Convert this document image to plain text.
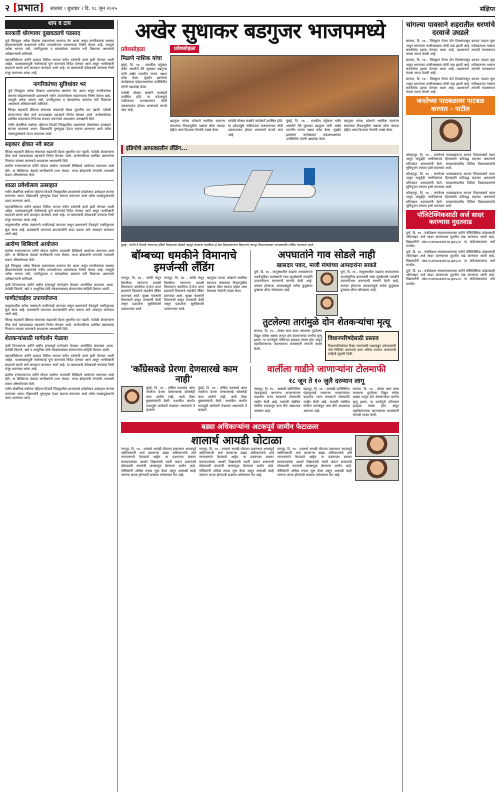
२ [प्रभात] सातारा । बुधवार । दि. १८ जून २०२५	संक्षिप्त
थाप व टाप
सरकारी धोरणावर दुखवट्याचे पडसाद

पुणे जिल्ह्यात अनेक विकास प्रकल्पांच्या कामांना वेग आला असून नागरिकांच्या समस्या सोडवण्यासाठी प्रशासनाने नवीन उपाययोजना राबवण्याचा निर्णय घेतला आहे. त्यामुळे अनेक भागात रस्ते, पाणीपुरवठा व स्वच्छतेच्या कामांना गती मिळणार असल्याचे अधिकाऱ्यांनी सांगितले.

महापालिकेच्या वतीने शहरात विविध भागात नवीन रस्त्यांची कामे हाती घेण्यात आली आहेत. पावसाळ्यापूर्वी नालेसफाई पूर्ण करण्याचे निर्देश देण्यात आले असून नागरिकांनी सहकार्य करावे असे आवाहन करण्यात आले आहे. या कामासाठी कोट्यवधी रुपयांचा निधी मंजूर करण्यात आला आहे.

नागरिकांच्या सुविधांवर भर

पुणे जिल्ह्यात अनेक विकास प्रकल्पांच्या कामांना वेग आला असून नागरिकांच्या समस्या सोडवण्यासाठी प्रशासनाने नवीन उपाययोजना राबवण्याचा निर्णय घेतला आहे. त्यामुळे अनेक भागात रस्ते, पाणीपुरवठा व स्वच्छतेच्या कामांना गती मिळणार असल्याचे अधिकाऱ्यांनी सांगितले.

जिल्हा सहकारी बँकेच्या संचालक मंडळाची बैठक नुकतीच पार पडली. यावेळी शेतकऱ्यांना पीक कर्ज वाटपाबाबत महत्त्वाचे निर्णय घेण्यात आले. कर्जमाफीच्या प्रलंबित प्रकरणांचा निपटारा लवकर करण्याचे आश्वासन अध्यक्षांनी दिले.

नवीन शैक्षणिक वर्षाच्या पहिल्या दिवशी जिल्ह्यातील शाळांमध्ये प्रवेशोत्सव उत्साहात साजरा करण्यात आला. विद्यार्थ्यांचे पुष्पगुच्छ देऊन स्वागत करण्यात आले तसेच पाठ्यपुस्तकांचे वाटप करण्यात आले.

सहकार क्षेत्रात नवे बदल

जिल्हा सहकारी बँकेच्या संचालक मंडळाची बैठक नुकतीच पार पडली. यावेळी शेतकऱ्यांना पीक कर्ज वाटपाबाबत महत्त्वाचे निर्णय घेण्यात आले. कर्जमाफीच्या प्रलंबित प्रकरणांचा निपटारा लवकर करण्याचे आश्वासन अध्यक्षांनी दिले.

ग्रामीण रुग्णालयाच्या वतीने मोफत आरोग्य तपासणी शिबिराचे आयोजन करण्यात आले होते. या शिबिराचा शेकडो नागरिकांनी लाभ घेतला. तज्ज्ञ डॉक्टरांनी रुग्णांची तपासणी करून औषधोपचार केले.

शाळा प्रवेशोत्सव उत्साहात

नवीन शैक्षणिक वर्षाच्या पहिल्या दिवशी जिल्ह्यातील शाळांमध्ये प्रवेशोत्सव उत्साहात साजरा करण्यात आला. विद्यार्थ्यांचे पुष्पगुच्छ देऊन स्वागत करण्यात आले तसेच पाठ्यपुस्तकांचे वाटप करण्यात आले.

महापालिकेच्या वतीने शहरात विविध भागात नवीन रस्त्यांची कामे हाती घेण्यात आली आहेत. पावसाळ्यापूर्वी नालेसफाई पूर्ण करण्याचे निर्देश देण्यात आले असून नागरिकांनी सहकार्य करावे असे आवाहन करण्यात आले आहे. या कामासाठी कोट्यवधी रुपयांचा निधी मंजूर करण्यात आला आहे.

तालुक्यातील अनेक गावांमध्ये पाणीटंचाई जाणवत असून प्रशासनाने टँकरद्वारे पाणीपुरवठा सुरू केला आहे. ग्रामस्थांनी पाण्याचा काटकसरीने वापर करावा असे आवाहन करण्यात आले आहे.

आरोग्य शिबिराचे आयोजन

ग्रामीण रुग्णालयाच्या वतीने मोफत आरोग्य तपासणी शिबिराचे आयोजन करण्यात आले होते. या शिबिराचा शेकडो नागरिकांनी लाभ घेतला. तज्ज्ञ डॉक्टरांनी रुग्णांची तपासणी करून औषधोपचार केले.

पुणे जिल्ह्यात अनेक विकास प्रकल्पांच्या कामांना वेग आला असून नागरिकांच्या समस्या सोडवण्यासाठी प्रशासनाने नवीन उपाययोजना राबवण्याचा निर्णय घेतला आहे. त्यामुळे अनेक भागात रस्ते, पाणीपुरवठा व स्वच्छतेच्या कामांना गती मिळणार असल्याचे अधिकाऱ्यांनी सांगितले.

कृषी विभागाच्या वतीने खरीप हंगामपूर्व मार्गदर्शन मेळावा आयोजित करण्यात आला. यावेळी बियाणे, खते व आधुनिक शेती तंत्रज्ञानाबाबत शेतकऱ्यांना माहिती देण्यात आली.

पाणीटंचाईवर उपाययोजना

तालुक्यातील अनेक गावांमध्ये पाणीटंचाई जाणवत असून प्रशासनाने टँकरद्वारे पाणीपुरवठा सुरू केला आहे. ग्रामस्थांनी पाण्याचा काटकसरीने वापर करावा असे आवाहन करण्यात आले आहे.

जिल्हा सहकारी बँकेच्या संचालक मंडळाची बैठक नुकतीच पार पडली. यावेळी शेतकऱ्यांना पीक कर्ज वाटपाबाबत महत्त्वाचे निर्णय घेण्यात आले. कर्जमाफीच्या प्रलंबित प्रकरणांचा निपटारा लवकर करण्याचे आश्वासन अध्यक्षांनी दिले.

शेतकऱ्यांसाठी मार्गदर्शन मेळावा

कृषी विभागाच्या वतीने खरीप हंगामपूर्व मार्गदर्शन मेळावा आयोजित करण्यात आला. यावेळी बियाणे, खते व आधुनिक शेती तंत्रज्ञानाबाबत शेतकऱ्यांना माहिती देण्यात आली.

महापालिकेच्या वतीने शहरात विविध भागात नवीन रस्त्यांची कामे हाती घेण्यात आली आहेत. पावसाळ्यापूर्वी नालेसफाई पूर्ण करण्याचे निर्देश देण्यात आले असून नागरिकांनी सहकार्य करावे असे आवाहन करण्यात आले आहे. या कामासाठी कोट्यवधी रुपयांचा निधी मंजूर करण्यात आला आहे.

ग्रामीण रुग्णालयाच्या वतीने मोफत आरोग्य तपासणी शिबिराचे आयोजन करण्यात आले होते. या शिबिराचा शेकडो नागरिकांनी लाभ घेतला. तज्ज्ञ डॉक्टरांनी रुग्णांची तपासणी करून औषधोपचार केले.

नवीन शैक्षणिक वर्षाच्या पहिल्या दिवशी जिल्ह्यातील शाळांमध्ये प्रवेशोत्सव उत्साहात साजरा करण्यात आला. विद्यार्थ्यांचे पुष्पगुच्छ देऊन स्वागत करण्यात आले तसेच पाठ्यपुस्तकांचे वाटप करण्यात आले.

अखेर सुधाकर बडगुजर भाजपमध्ये
प्रवेशसोहळा
मिळणे नाशिक यांचा

मुंबई, दि. १७ - राजकीय वर्तुळात चर्चेत असलेले नेते सुधाकर बडगुजर यांनी अखेर भारतीय जनता पक्षात प्रवेश केला. मुंबईत झालेल्या कार्यक्रमात प्रदेशाध्यक्षांच्या उपस्थितीत त्यांनी पक्षप्रवेश केला.

यावेळी मोठ्या संख्येने कार्यकर्ते उपस्थित होते. या प्रवेशामुळे नाशिकच्या राजकारणात मोठी उलथापालथ होणार असल्याचे मानले जात आहे.

प्रवेशसोहळा

बडगुजर यांच्या प्रवेशाने स्थानिक स्वराज्य संस्थांच्या निवडणुकीत पक्षाला मोठा फायदा होईल असा विश्वास नेत्यांनी व्यक्त केला.

यावेळी मोठ्या संख्येने कार्यकर्ते उपस्थित होते. या प्रवेशामुळे नाशिकच्या राजकारणात मोठी उलथापालथ होणार असल्याचे मानले जात आहे.

मुंबई, दि. १७ - राजकीय वर्तुळात चर्चेत असलेले नेते सुधाकर बडगुजर यांनी अखेर भारतीय जनता पक्षात प्रवेश केला. मुंबईत झालेल्या कार्यक्रमात प्रदेशाध्यक्षांच्या उपस्थितीत त्यांनी पक्षप्रवेश केला.

बडगुजर यांच्या प्रवेशाने स्थानिक स्वराज्य संस्थांच्या निवडणुकीत पक्षाला मोठा फायदा होईल असा विश्वास नेत्यांनी व्यक्त केला.

इंडिगोचे आपत्कालीन लँडिंग...

मुंबई : कोची ते दिल्ली जाणाऱ्या इंडिगो विमानाला बॉम्बने उडवून देण्याचा धमकीचा ई-मेल मिळाल्यानंतर विमानाचे नागपूर विमानतळावर आपत्कालीन लँडिंग करण्यात आले.

बॉम्बच्या धमकीने विमानाचे इमर्जन्सी लँडिंग

नागपूर, दि. १७ - कोची येथून दिल्लीला जाणाऱ्या प्रवासी विमानाला धमकीचा ई-मेल प्राप्त झाल्याने विमानाचे तातडीने लँडिंग करण्यात आले. सुरक्षा यंत्रणांनी विमानाची कसून तपासणी केली असून प्रवाशांना सुरक्षितपणे उतरवण्यात आले.

नागपूर, दि. १७ - कोची येथून दिल्लीला जाणाऱ्या प्रवासी विमानाला धमकीचा ई-मेल प्राप्त झाल्याने विमानाचे तातडीने लँडिंग करण्यात आले. सुरक्षा यंत्रणांनी विमानाची कसून तपासणी केली असून प्रवाशांना सुरक्षितपणे उतरवण्यात आले.

बडगुजर यांच्या प्रवेशाने स्थानिक स्वराज्य संस्थांच्या निवडणुकीत पक्षाला मोठा फायदा होईल असा विश्वास नेत्यांनी व्यक्त केला.

अपघातांने गाव सोडले नाही
खासदार पवार, माजी मंत्र्यांच्या आमदारांना साकडे

पुणे, दि. १७ - तालुक्यातील वाढत्या अपघातांच्या पार्श्वभूमीवर ग्रामस्थांनी रस्ता सुरक्षेसाठी तातडीने उपाययोजना करण्याची मागणी केली आहे. वारंवार होणाऱ्या अपघातांमुळे अनेक कुटुंबांवर दुःखाचा डोंगर कोसळला आहे.

पुणे, दि. १७ - तालुक्यातील वाढत्या अपघातांच्या पार्श्वभूमीवर ग्रामस्थांनी रस्ता सुरक्षेसाठी तातडीने उपाययोजना करण्याची मागणी केली आहे. वारंवार होणाऱ्या अपघातांमुळे अनेक कुटुंबांवर दुःखाचा डोंगर कोसळला आहे.

तुटलेल्या तारांमुळे दोन शेतकऱ्यांचा मृत्यू

सातारा, दि. १७ - शेतात काम करत असताना तुटलेल्या विद्युत तारेचा धक्का लागून दोन शेतकऱ्यांचा जागीच मृत्यू झाला. या घटनेमुळे परिसरात हळहळ व्यक्त होत असून महावितरणच्या कारभारावर ग्रामस्थांनी नाराजी व्यक्त केली.

विधानपरिषदेसाठी प्रस्ताव

विधानपरिषदेच्या रिक्त जागांसाठी पक्षाकडून उमेदवारांची नावे निश्चित करण्याचे काम अंतिम टप्प्यात असल्याची माहिती सूत्रांनी दिली.

'काँग्रेसकडे प्रेरणा देणसारखे काम नाही'

मुंबई, दि. १७ - काँग्रेस पक्षाकडे आता जनतेला प्रेरणा देण्यासारखे कोणतेही काम उरलेले नाही, अशी टीका मुख्यमंत्र्यांनी केली. पक्षातील अंतर्गत वादामुळे कार्यकर्ते संभ्रमात असल्याचे ते म्हणाले.

मुंबई, दि. १७ - काँग्रेस पक्षाकडे आता जनतेला प्रेरणा देण्यासारखे कोणतेही काम उरलेले नाही, अशी टीका मुख्यमंत्र्यांनी केली. पक्षातील अंतर्गत वादामुळे कार्यकर्ते संभ्रमात असल्याचे ते म्हणाले.

वार्लीला गाडीने जाणाऱ्यांना टोलमाफी
१८ जून ते १० जुलै दरम्यान लागू

पंढरपूर, दि. १७ - आषाढी वारीनिमित्त पंढरपूरकडे जाणाऱ्या वारकऱ्यांच्या वाहनांना राज्य सरकारने टोलमाफी जाहीर केली आहे. यासाठी संबंधित पोलीस ठाण्यातून पास घेणे आवश्यक असणार आहे.

पंढरपूर, दि. १७ - आषाढी वारीनिमित्त पंढरपूरकडे जाणाऱ्या वारकऱ्यांच्या वाहनांना राज्य सरकारने टोलमाफी जाहीर केली आहे. यासाठी संबंधित पोलीस ठाण्यातून पास घेणे आवश्यक असणार आहे.

सातारा, दि. १७ - शेतात काम करत असताना तुटलेल्या विद्युत तारेचा धक्का लागून दोन शेतकऱ्यांचा जागीच मृत्यू झाला. या घटनेमुळे परिसरात हळहळ व्यक्त होत असून महावितरणच्या कारभारावर ग्रामस्थांनी नाराजी व्यक्त केली.

बड्या अधिकाऱ्यांना अटकपूर्व जामीन फेटाळला
शालार्थ आयडी घोटाळा

नागपूर, दि. १७ - शालार्थ आयडी घोटाळा प्रकरणात अटकपूर्व जामिनासाठी अर्ज करणाऱ्या बड्या अधिकाऱ्यांचे अर्ज न्यायालयाने फेटाळले आहेत. या प्रकरणात बनावट कागदपत्रांच्या आधारे शिक्षकांची भरती करून शासनाची कोट्यवधी रुपयांची फसवणूक केल्याचा आरोप आहे. पोलिसांनी अधिक तपास सुरू केला असून आणखी काही जणांना अटक होण्याची शक्यता वर्तवण्यात येत आहे.

नागपूर, दि. १७ - शालार्थ आयडी घोटाळा प्रकरणात अटकपूर्व जामिनासाठी अर्ज करणाऱ्या बड्या अधिकाऱ्यांचे अर्ज न्यायालयाने फेटाळले आहेत. या प्रकरणात बनावट कागदपत्रांच्या आधारे शिक्षकांची भरती करून शासनाची कोट्यवधी रुपयांची फसवणूक केल्याचा आरोप आहे. पोलिसांनी अधिक तपास सुरू केला असून आणखी काही जणांना अटक होण्याची शक्यता वर्तवण्यात येत आहे.

नागपूर, दि. १७ - शालार्थ आयडी घोटाळा प्रकरणात अटकपूर्व जामिनासाठी अर्ज करणाऱ्या बड्या अधिकाऱ्यांचे अर्ज न्यायालयाने फेटाळले आहेत. या प्रकरणात बनावट कागदपत्रांच्या आधारे शिक्षकांची भरती करून शासनाची कोट्यवधी रुपयांची फसवणूक केल्याचा आरोप आहे. पोलिसांनी अधिक तपास सुरू केला असून आणखी काही जणांना अटक होण्याची शक्यता वर्तवण्यात येत आहे.

चांगल्या पावसाने शहरातील धरणांचे दरवाजे उघडले

सातारा, दि. १७ - जिल्ह्यात गेल्या दोन दिवसांपासून दमदार पाऊस सुरू असून धरणांच्या पाणीसाठ्यात मोठी वाढ झाली आहे. नदीकाठच्या गावांना सतर्कतेचा इशारा देण्यात आला आहे. प्रशासनाने आपत्ती व्यवस्थापन यंत्रणा सज्ज ठेवली आहे.

सातारा, दि. १७ - जिल्ह्यात गेल्या दोन दिवसांपासून दमदार पाऊस सुरू असून धरणांच्या पाणीसाठ्यात मोठी वाढ झाली आहे. नदीकाठच्या गावांना सतर्कतेचा इशारा देण्यात आला आहे. प्रशासनाने आपत्ती व्यवस्थापन यंत्रणा सज्ज ठेवली आहे.

सातारा, दि. १७ - जिल्ह्यात गेल्या दोन दिवसांपासून दमदार पाऊस सुरू असून धरणांच्या पाणीसाठ्यात मोठी वाढ झाली आहे. नदीकाठच्या गावांना सतर्कतेचा इशारा देण्यात आला आहे. प्रशासनाने आपत्ती व्यवस्थापन यंत्रणा सज्ज ठेवली आहे.

जनतेच्या पाठबळावर पाटबळ करणार - पाटील

कोल्हापूर, दि. १७ - जनतेच्या पाठबळावरच आपण विकासकामे करत असून यापुढेही नागरिकांच्या हितासाठी कटिबद्ध राहणार असल्याचे प्रतिपादन आमदारांनी केले. मतदारसंघातील विविध विकासकामांचे भूमिपूजन त्यांच्या हस्ते करण्यात आले.

कोल्हापूर, दि. १७ - जनतेच्या पाठबळावरच आपण विकासकामे करत असून यापुढेही नागरिकांच्या हितासाठी कटिबद्ध राहणार असल्याचे प्रतिपादन आमदारांनी केले. मतदारसंघातील विविध विकासकामांचे भूमिपूजन त्यांच्या हस्ते करण्यात आले.

कोल्हापूर, दि. १७ - जनतेच्या पाठबळावरच आपण विकासकामे करत असून यापुढेही नागरिकांच्या हितासाठी कटिबद्ध राहणार असल्याचे प्रतिपादन आमदारांनी केले. मतदारसंघातील विविध विकासकामांचे भूमिपूजन त्यांच्या हस्ते करण्यात आले.

पॉलिटेक्निकसाठी अर्ज सादर करण्यास मुदतवाढ

पुणे, दि. १७ - तंत्रशिक्षण संचालनालयाच्या वतीने पॉलिटेक्निक प्रवेशासाठी ऑनलाइन अर्ज सादर करण्याच्या मुदतीत वाढ करण्यात आली आहे. विद्यार्थ्यांनी dte.maharashtra.gov.in या संकेतस्थळावर अर्ज भरावेत.

पुणे, दि. १७ - तंत्रशिक्षण संचालनालयाच्या वतीने पॉलिटेक्निक प्रवेशासाठी ऑनलाइन अर्ज सादर करण्याच्या मुदतीत वाढ करण्यात आली आहे. विद्यार्थ्यांनी dte.maharashtra.gov.in या संकेतस्थळावर अर्ज भरावेत.

पुणे, दि. १७ - तंत्रशिक्षण संचालनालयाच्या वतीने पॉलिटेक्निक प्रवेशासाठी ऑनलाइन अर्ज सादर करण्याच्या मुदतीत वाढ करण्यात आली आहे. विद्यार्थ्यांनी dte.maharashtra.gov.in या संकेतस्थळावर अर्ज भरावेत.
